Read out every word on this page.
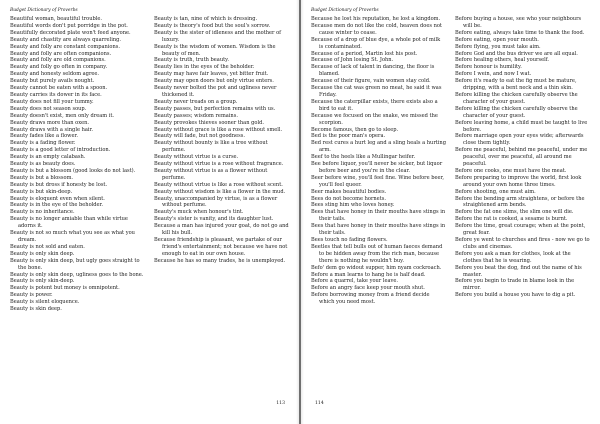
Budget Dictionary of Proverbs
Beautiful woman, beautiful trouble.
Beautiful words don't put porridge in the pot.
Beautifully decorated plate won't feed anyone.
Beauty and chastity are always quarreling.
Beauty and folly are constant companions.
Beauty and folly are often companions.
Beauty and folly are old companions.
Beauty and folly go often in company.
Beauty and honesty seldom agree.
Beauty but purely avails nought.
Beauty cannot be eaten with a spoon.
Beauty carries its dower in its face.
Beauty does not fill your tummy.
Beauty does not season soup.
Beauty doesn't exist, men only dream it.
Beauty draws more than oxen.
Beauty draws with a single hair.
Beauty fades like a flower.
Beauty is a fading flower.
Beauty is a good letter of introduction.
Beauty is an empty calabash.
Beauty is as beauty does.
Beauty is but a blossom (good looks do not last).
Beauty is but a blossom.
Beauty is but dross if honesty be lost.
Beauty is but skin-deep.
Beauty is eloquent even when silent.
Beauty is in the eye of the beholder.
Beauty is no inheritance.
Beauty is no longer amiable than while virtue adorns it.
Beauty is not so much what you see as what you dream.
Beauty is not sold and eaten.
Beauty is only skin deep.
Beauty is only skin deep, but ugly goes straight to the bone.
Beauty is only skin deep, ugliness goes to the bone.
Beauty is only skin-deep.
Beauty is potent but money is omnipotent.
Beauty is power.
Beauty is silent eloquence.
Beauty is skin deep.
Beauty is tan, nine of which is dressing.
Beauty is theory's food but the soul's sorrow.
Beauty is the sister of idleness and the mother of luxury.
Beauty is the wisdom of women. Wisdom is the beauty of men.
Beauty is truth, truth beauty.
Beauty lies in the eyes of the beholder.
Beauty may have fair leaves, yet bitter fruit.
Beauty may open doors but only virtue enters.
Beauty never bolted the pot and ugliness never thickened it.
Beauty never treads on a group.
Beauty passes, but perfection remains with us.
Beauty passes; wisdom remains.
Beauty provokes thieves sooner than gold.
Beauty without grace is like a rose without smell.
Beauty will fade, but not goodness.
Beauty without bounty is like a tree without perfume.
Beauty without virtue is a curse.
Beauty without virtue is a rose without fragrance.
Beauty without virtue is as a flower without perfume.
Beauty without virtue is like a rose without scent.
Beauty without wisdom is like a flower in the mud.
Beauty, unaccompanied by virtue, is as a flower without perfume.
Beauty's muck when honour's tint.
Beauty's sister is vanity, and its daughter lust.
Because a man has injured your goat, do not go and kill his bull.
Because friendship is pleasant, we partake of our friend's entertainment; not because we have not enough to eat in our own house.
Because he has so many trades, he is unemployed.
113
Budget Dictionary of Proverbs
Because he lost his reputation, he lost a kingdom.
Because men do not like the cold, heaven does not cause winter to cease.
Because of a drop of blue dye, a whole pot of milk is contaminated.
Because of a period, Martin lost his post.
Because of John losing St. John.
Because of lack of talent in dancing, the floor is blamed.
Because of their figure, vain women stay cold.
Because the cat was green no meat, he said it was Friday.
Because the caterpillar exists, there exists also a bird to eat it.
Because we focused on the snake, we missed the scorpion.
Become famous, then go to sleep.
Bed is the poor man's opera.
Bed rest cures a hurt leg and a sling heals a hurting arm.
Beef to the heels like a Mullingar heifer.
Bee before liquor, you'll never be sicker, but liquor before beer and you're in the clear.
Beer before wine, you'll feel fine. Wine before beer, you'll feel queer.
Beer makes beautiful bodies.
Bees do not become hornets.
Bees sting him who loves honey.
Bees that have honey in their mouths have stings in their tails.
Bees that have honey in their mouths have stings in their tails.
Bees touch no fading flowers.
Beetles that tell bulls out of human faeces demand to be hidden away from the rich man, because there is nothing he wouldn't buy.
Befo' dem go widout supper, him nyam cockroach.
Before a man learns to hang he is half dead.
Before a quarrel, take your leave.
Before an angry face keep your mouth shut.
Before borrowing money from a friend decide which you need most.
Before buying a house, see who your neighbours will be.
Before eating, always take time to thank the food.
Before eating, open your mouth.
Before flying, you must take aim.
Before God and the bus driver we are all equal.
Before healing others, heal yourself.
Before honour is humility.
Before I wein, and now I wat.
Before it's ready to eat the fig must be mature, dripping, with a bent neck and a thin skin.
Before killing the chicken carefully observe the character of your guest.
Before killing the chicken carefully observe the character of your guest.
Before leaving home, a child must be taught to live before.
Before marriage open your eyes wide; afterwards close them tightly.
Before me peaceful, behind me peaceful, under me peaceful, over me peaceful, all around me peaceful.
Before one cooks, one must have the meat.
Before preparing to improve the world, first look around your own home three times.
Before shooting, one must aim.
Before the bending arm straightens, or before the straightened arm bends.
Before the fat one slims, the slim one will die.
Before the rat is cooked, a sesame is burnt.
Before the time, great courage; when at the point, great fear.
Before ye went to churches and fires - now we go to clubs and cinemas.
Before you ask a man for clothes, look at the clothes that he is wearing.
Before you beat the dog, find out the name of his master.
Before you begin to trade in blame look in the mirror.
Before you build a house you have to dig a pit.
114
